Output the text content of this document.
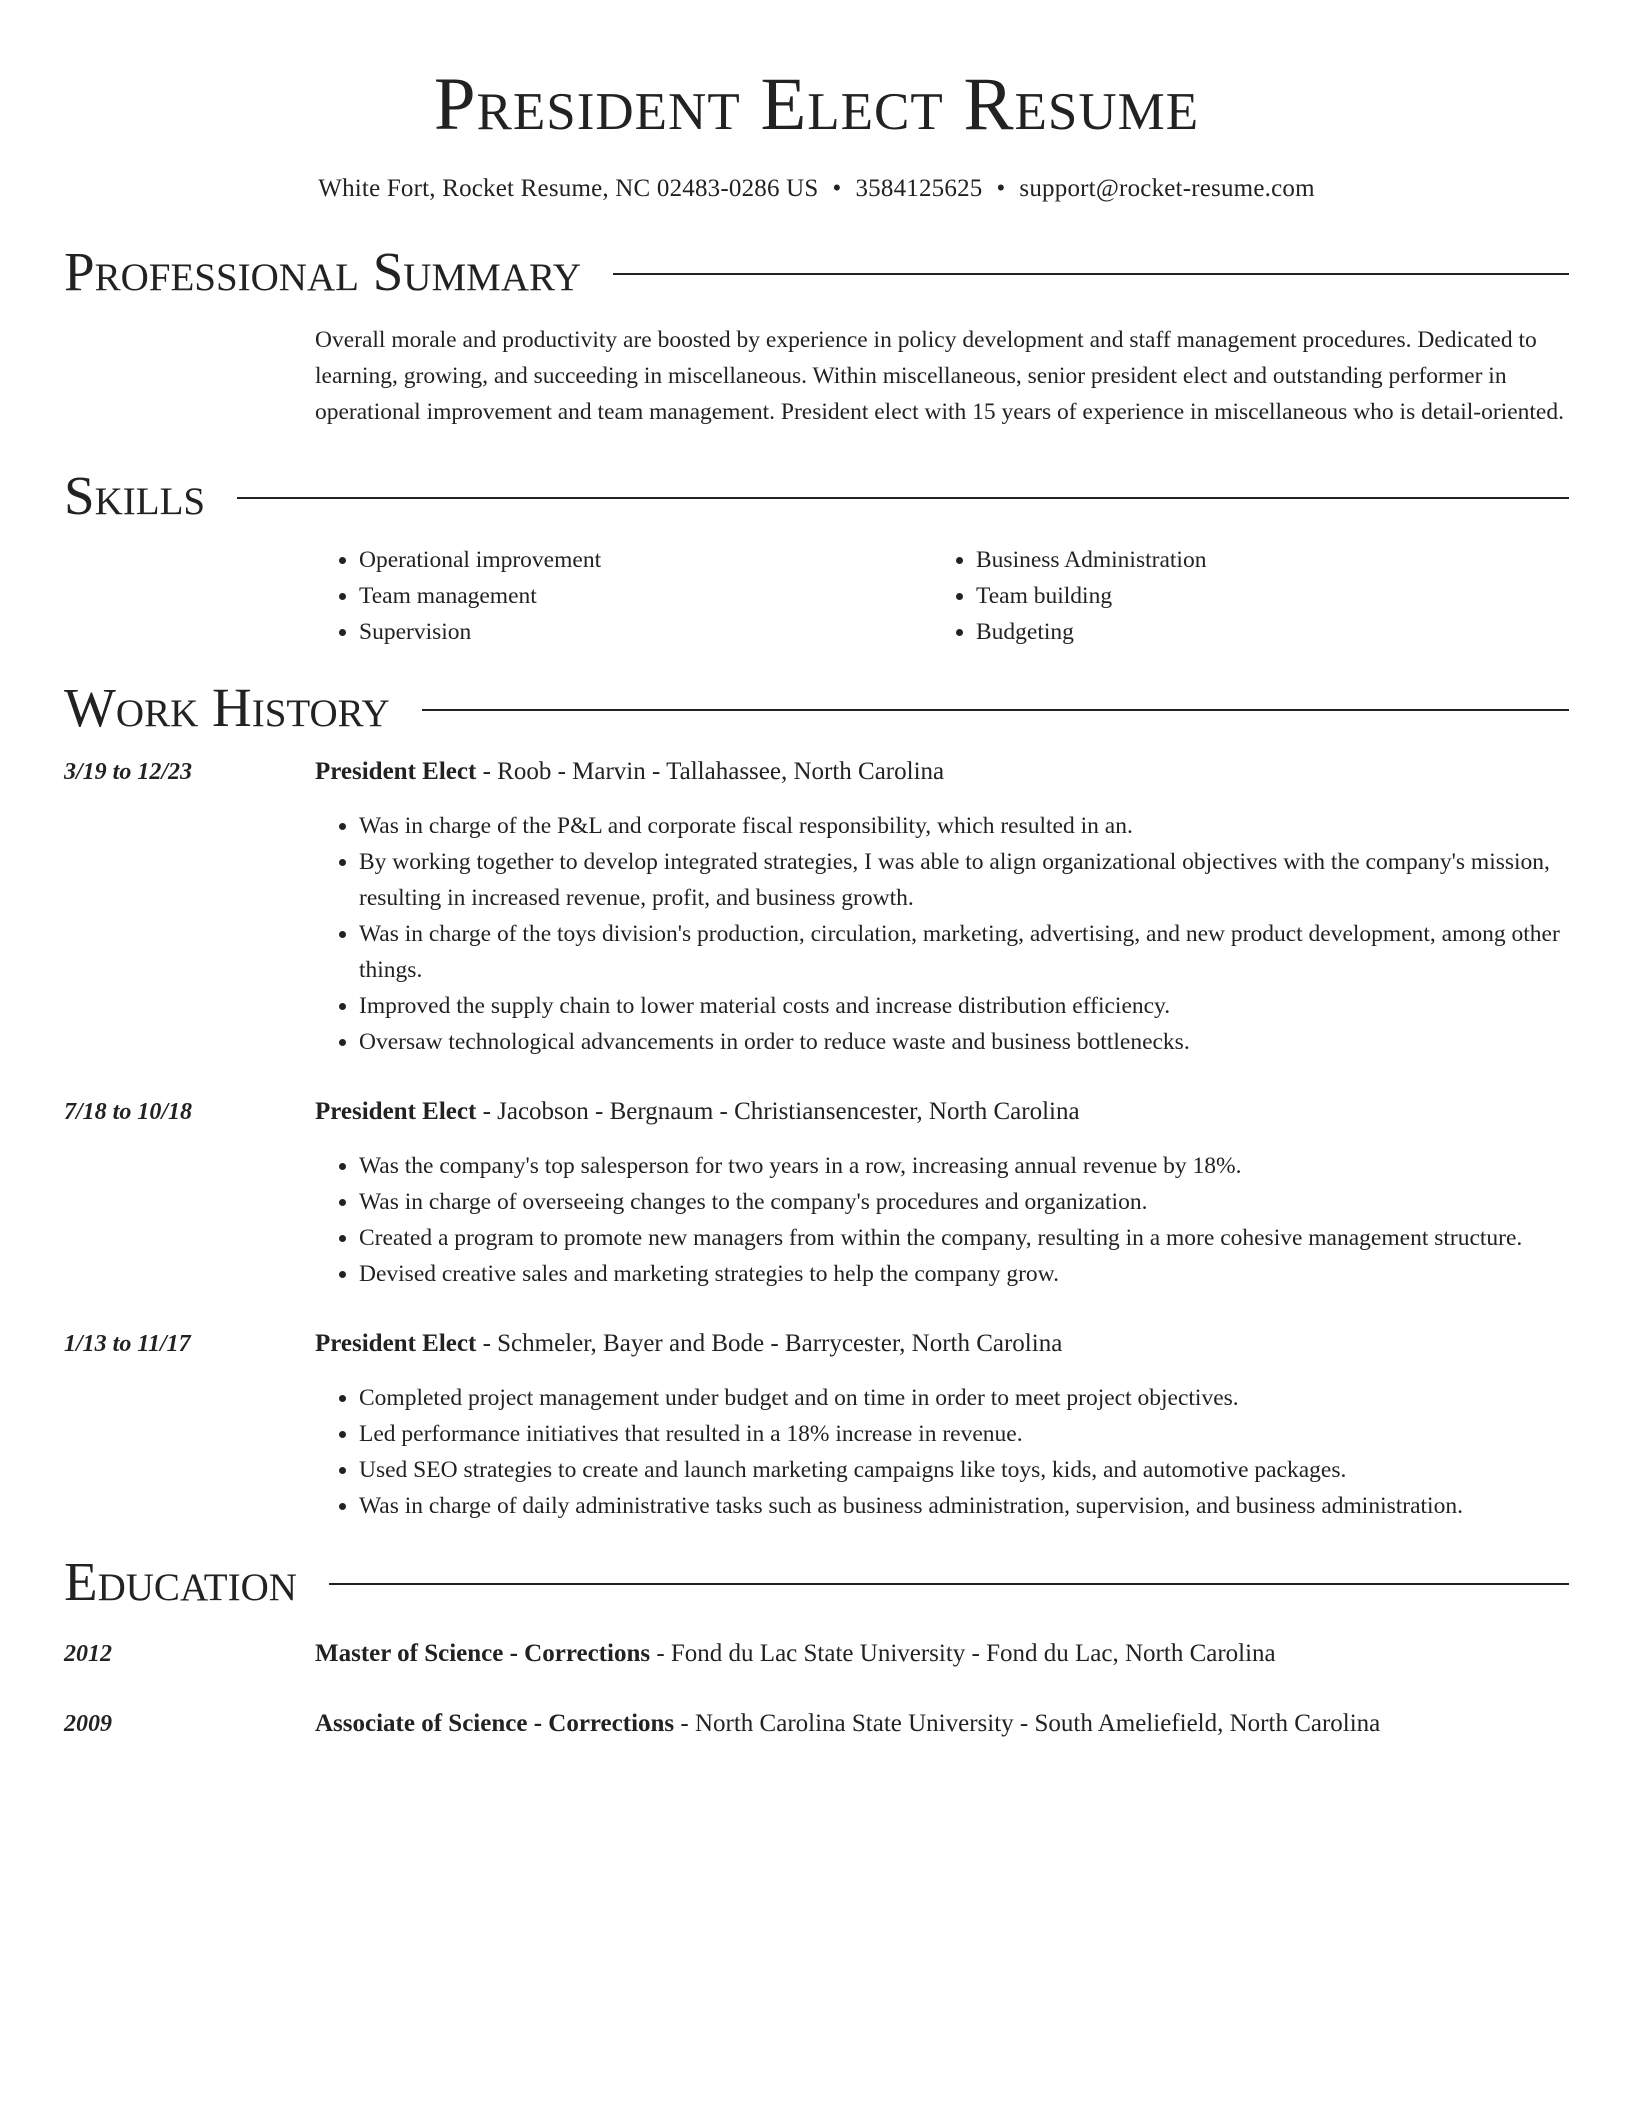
President Elect Resume
White Fort, Rocket Resume, NC 02483-0286 US • 3584125625 • support@rocket-resume.com
Professional Summary
Overall morale and productivity are boosted by experience in policy development and staff management procedures. Dedicated to learning, growing, and succeeding in miscellaneous. Within miscellaneous, senior president elect and outstanding performer in operational improvement and team management. President elect with 15 years of experience in miscellaneous who is detail-oriented.
Skills
• Operational improvement
• Team management
• Supervision
• Business Administration
• Team building
• Budgeting
Work History
3/19 to 12/23	President Elect - Roob - Marvin - Tallahassee, North Carolina
• Was in charge of the P&L and corporate fiscal responsibility, which resulted in an.
• By working together to develop integrated strategies, I was able to align organizational objectives with the company's mission, resulting in increased revenue, profit, and business growth.
• Was in charge of the toys division's production, circulation, marketing, advertising, and new product development, among other things.
• Improved the supply chain to lower material costs and increase distribution efficiency.
• Oversaw technological advancements in order to reduce waste and business bottlenecks.
7/18 to 10/18	President Elect - Jacobson - Bergnaum - Christiansencester, North Carolina
• Was the company's top salesperson for two years in a row, increasing annual revenue by 18%.
• Was in charge of overseeing changes to the company's procedures and organization.
• Created a program to promote new managers from within the company, resulting in a more cohesive management structure.
• Devised creative sales and marketing strategies to help the company grow.
1/13 to 11/17	President Elect - Schmeler, Bayer and Bode - Barrycester, North Carolina
• Completed project management under budget and on time in order to meet project objectives.
• Led performance initiatives that resulted in a 18% increase in revenue.
• Used SEO strategies to create and launch marketing campaigns like toys, kids, and automotive packages.
• Was in charge of daily administrative tasks such as business administration, supervision, and business administration.
Education
2012	Master of Science - Corrections - Fond du Lac State University - Fond du Lac, North Carolina
2009	Associate of Science - Corrections - North Carolina State University - South Ameliefield, North Carolina
